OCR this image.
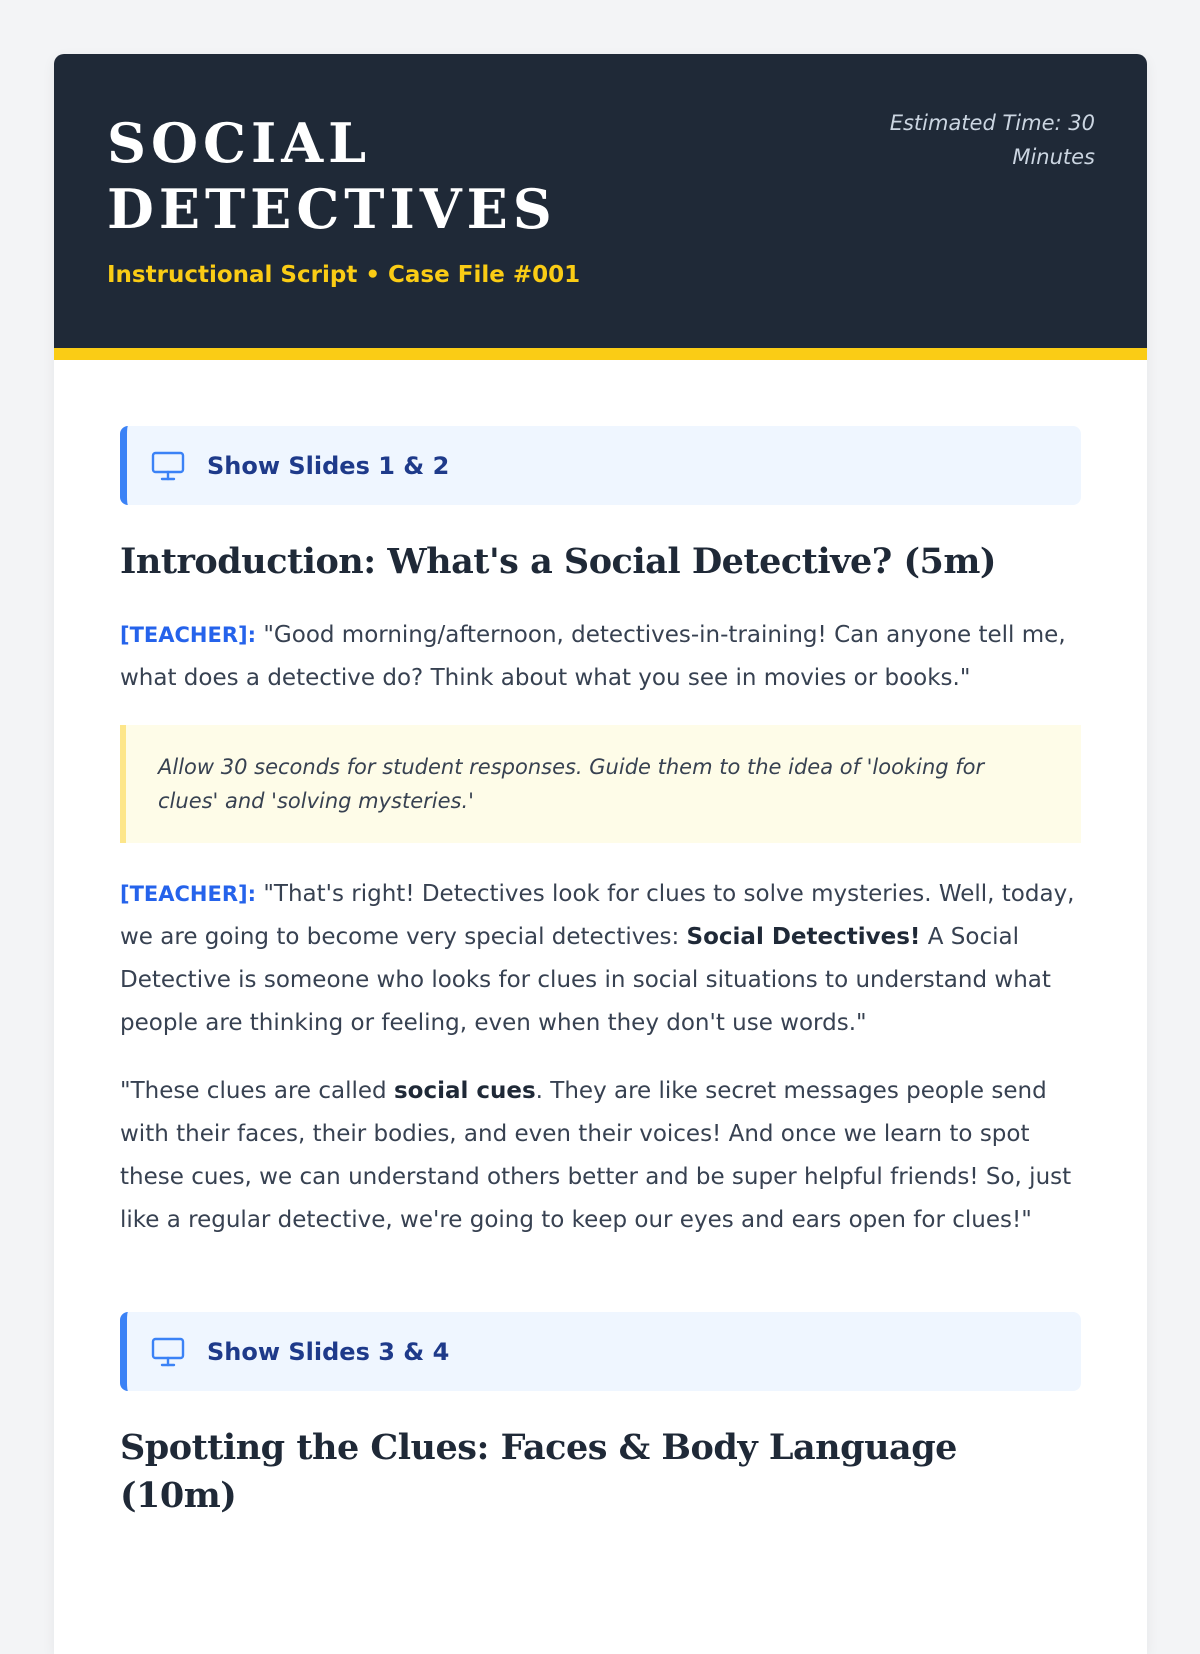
SOCIAL
DETECTIVES
Instructional Script • Case File #001
Estimated Time: 30 Minutes
Show Slides 1 & 2
Introduction: What's a Social Detective? (5m)

[TEACHER]: "Good morning/afternoon, detectives-in-training! Can anyone tell me, what does a detective do? Think about what you see in movies or books."

Allow 30 seconds for student responses. Guide them to the idea of 'looking for clues' and 'solving mysteries.'

[TEACHER]: "That's right! Detectives look for clues to solve mysteries. Well, today, we are going to become very special detectives: Social Detectives! A Social Detective is someone who looks for clues in social situations to understand what people are thinking or feeling, even when they don't use words."

"These clues are called social cues. They are like secret messages people send with their faces, their bodies, and even their voices! And once we learn to spot these cues, we can understand others better and be super helpful friends! So, just like a regular detective, we're going to keep our eyes and ears open for clues!"

Show Slides 3 & 4
Spotting the Clues: Faces & Body Language (10m)
